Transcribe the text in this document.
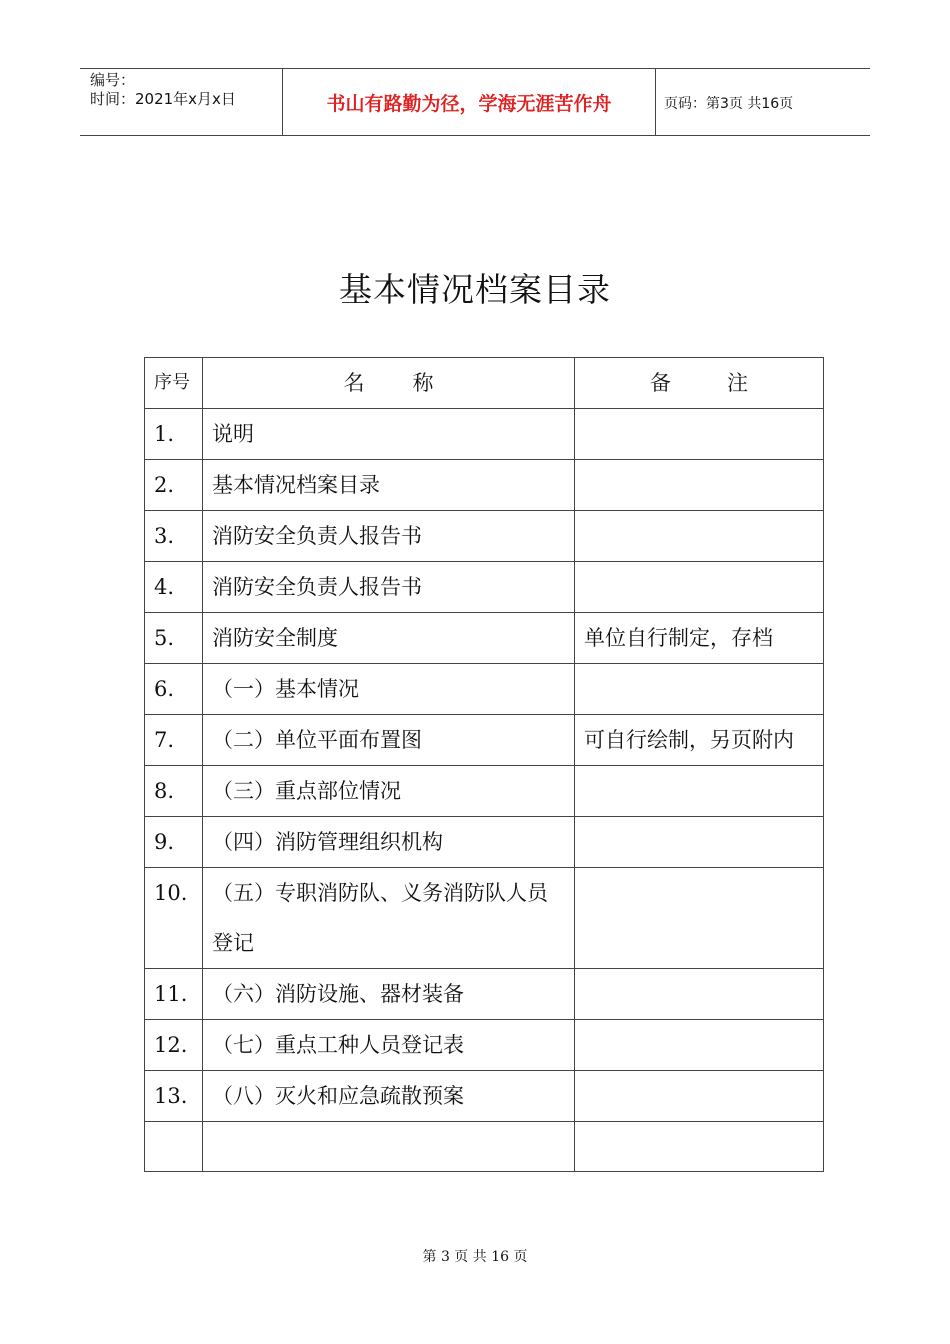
编号：
时间：2021年x月x日	书山有路勤为径，学海无涯苦作舟	页码：第3页 共16页
基本情况档案目录
序号	名 称	备 注
1.	说明	
2.	基本情况档案目录	
3.	消防安全负责人报告书	
4.	消防安全负责人报告书	
5.	消防安全制度	单位自行制定，存档
6.	（一）基本情况	
7.	（二）单位平面布置图	可自行绘制，另页附内
8.	（三）重点部位情况	
9.	（四）消防管理组织机构	
10.	（五）专职消防队、义务消防队人员登记	
11.	（六）消防设施、器材装备	
12.	（七）重点工种人员登记表	
13.	（八）灭火和应急疏散预案	

第 3 页 共 16 页
